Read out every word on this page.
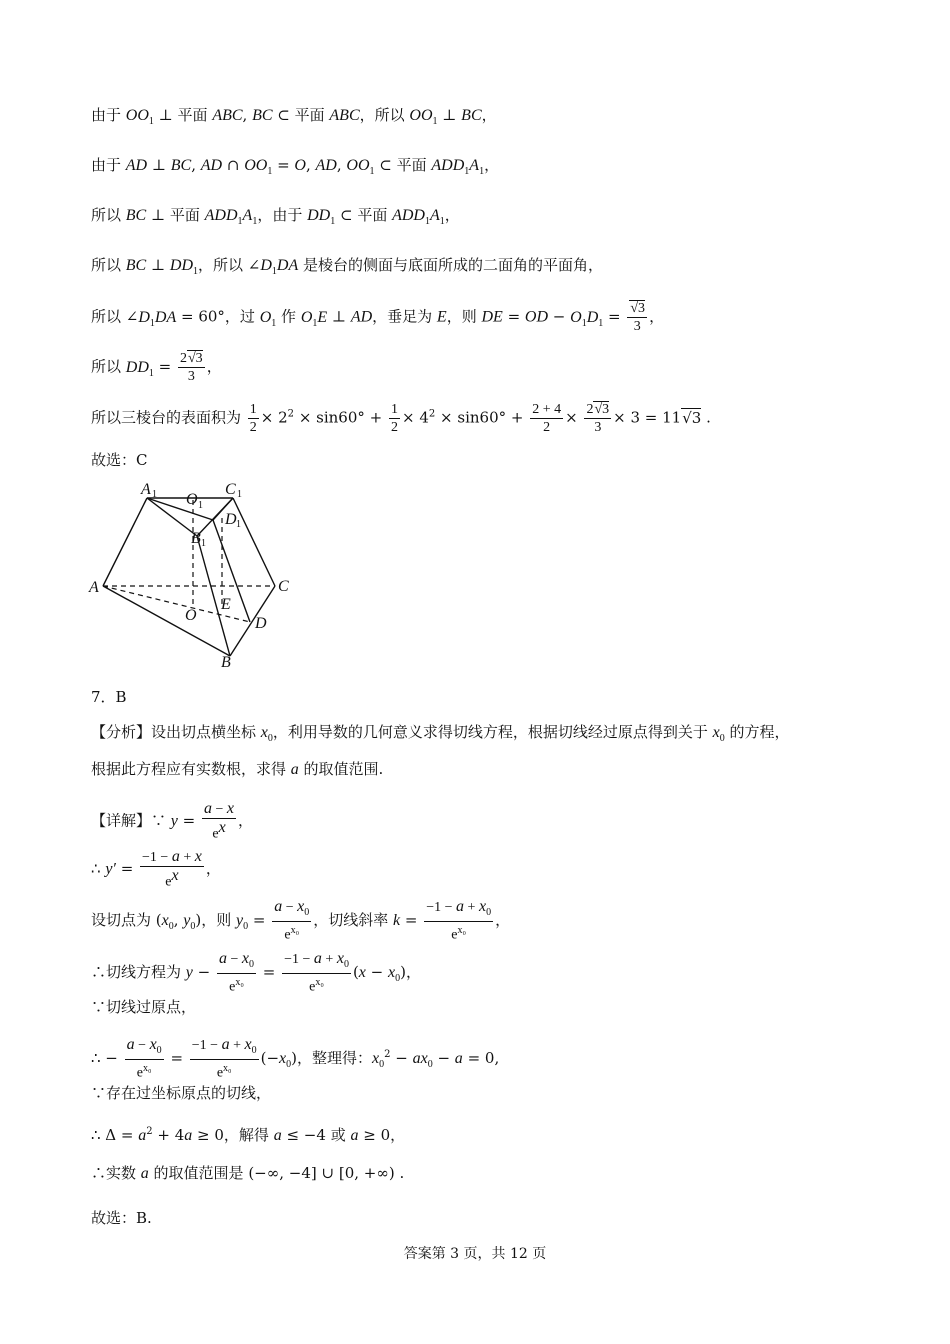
由于 $OO_1$ ⊥ 平面 ABC, BC ⊂ 平面 ABC，所以 $OO_1$ ⊥ BC，
由于 AD ⊥ BC, AD ∩ $OO_1 = O$, AD, $OO_1$ ⊂ 平面 $ADD_1A_1$，
所以 BC ⊥ 平面 $ADD_1A_1$，由于 $DD_1$ ⊂ 平面 $ADD_1A_1$，
所以 BC ⊥ $DD_1$，所以 $\angle D_1DA$ 是棱台的侧面与底面所成的二面角的平面角，
所以 $\angle D_1DA = 60^\circ$，过 $O_1$ 作 $O_1E$ ⊥ AD，垂足为 E，则 DE = OD − $O_1D_1 = \frac{√3}{3}$ ，
所以 $DD_1 = \frac{2√3}{3}$ ，
所以三棱台的表面积为 $\frac{1}{2} \times 2^2 \times \sin 60^\circ + \frac{1}{2} \times 4^2 \times \sin 60^\circ + \frac{2 + 4}{2} \times \frac{2√3}{3} \times 3 = 11√3$ .
故选：C
A 1	C 1
O 1
D 1
B 1
A	C
O
E
D
B
7．B
【分析】设出切点横坐标 $x_0$，利用导数的几何意义求得切线方程，根据切线经过原点得到关于 $x_0$ 的方程，
根据此方程应有实数根，求得 a 的取值范围.
【详解】∵ $y = \frac{a - x}{e^x}$ ，
∴ $y' = \frac{-1 - a + x}{e^x}$ ，
设切点为 ($x_0$, $y_0$)，则 $y_0 = \frac{a - x_0}{e^{x_0}}$ ，切线斜率 $k = \frac{-1 - a + x_0}{e^{x_0}}$ ，
∴切线方程为 $y - \frac{a - x_0}{e^{x_0}} = \frac{-1 - a + x_0}{e^{x_0}} (x - x_0)$，
∵切线过原点，
∴ − $\frac{a - x_0}{e^{x_0}} = \frac{-1 - a + x_0}{e^{x_0}} (-x_0)$，整理得：$x_0^2 - ax_0 - a = 0$,
∵存在过坐标原点的切线，
∴ $\Delta = a^2 + 4a \ge 0$，解得 a ≤ −4 或 a ≥ 0，
∴实数 a 的取值范围是 (−∞, −4] ∪ [0, +∞) .
故选：B.
答案第 3 页，共 12 页
